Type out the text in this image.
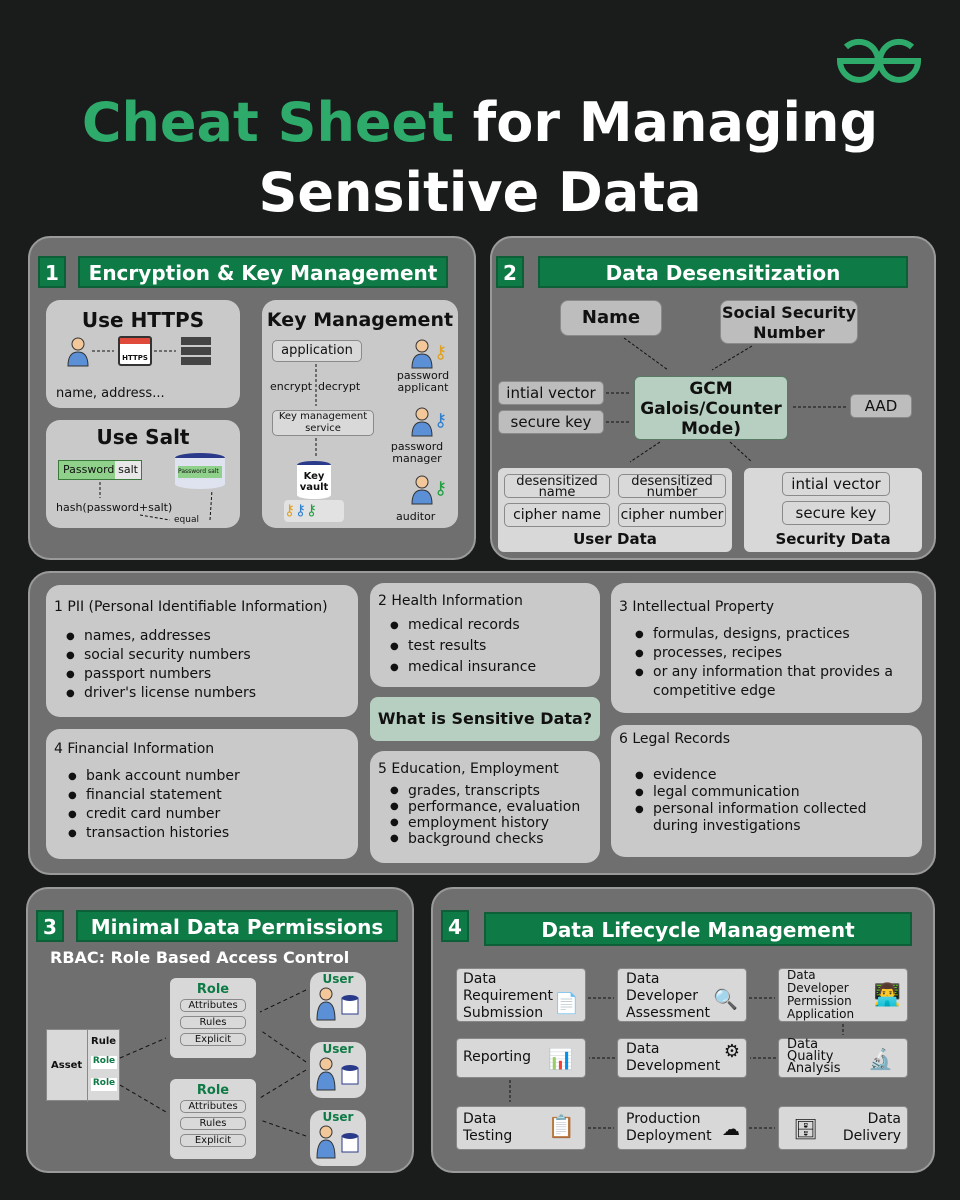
Cheat Sheet for Managing
Sensitive Data
1	Encryption & Key Management
Use HTTPS
HTTPS
name, address...
Use Salt
Password salt	Password salt
hash(password+salt)
equal
Key Management
application
encrypt decrypt
Key management service
Key vault
⚷⚷⚷
⚷
password applicant
⚷
password manager
⚷
auditor
2	Data Desensitization
Name	Social Security Number
intial vector
secure key
GCM Galois/Counter Mode)
AAD
desensitized name
desensitized number
cipher name	cipher number
User Data
intial vector
secure key
Security Data
1 PII (Personal Identifiable Information)
● names, addresses
● social security numbers
● passport numbers
● driver's license numbers
2 Health Information
● medical records
● test results
● medical insurance
3 Intellectual Property
● formulas, designs, practices
● processes, recipes
● or any information that provides a competitive edge
What is Sensitive Data?
4 Financial Information
● bank account number
● financial statement
● credit card number
● transaction histories
5 Education, Employment
● grades, transcripts
● performance, evaluation
● employment history
● background checks
6 Legal Records
● evidence
● legal communication
● personal information collected during investigations
3	Minimal Data Permissions
RBAC: Role Based Access Control
Asset
Rule
Role
Role
Role
Attributes
Rules
Explicit
Role
Attributes
Rules
Explicit
User
User
User
4	Data Lifecycle Management
Data Requirement Submission 📄
Data Developer Assessment
🔍
Data Developer Permission Application
👨‍💻
Reporting 📊	Data Development
⚙	Data Quality Analysis	🔬
Data Testing	📋	Production Deployment ☁	Data Delivery
🗄
